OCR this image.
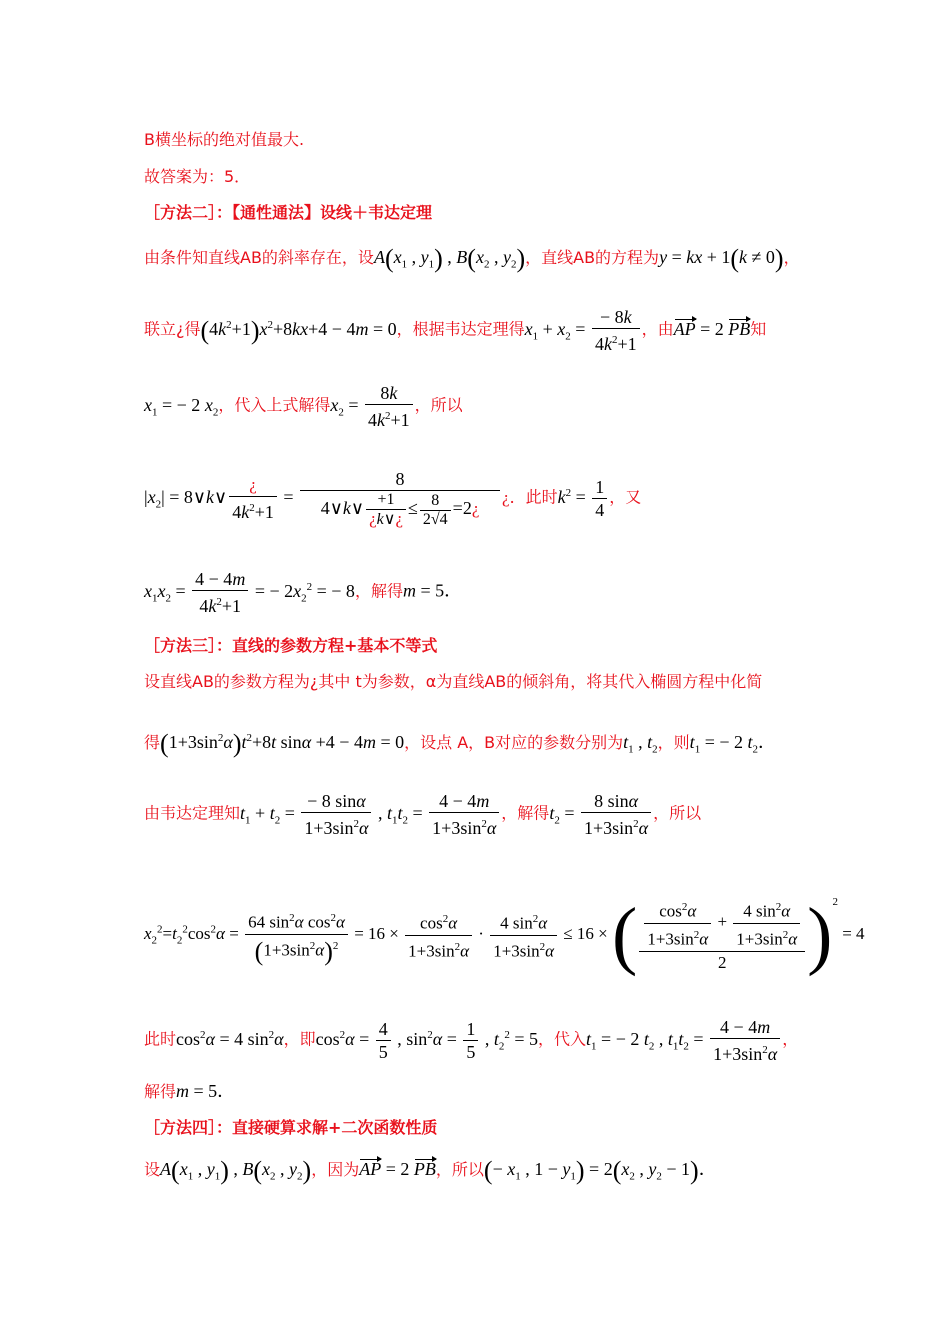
B横坐标的绝对值最大.
故答案为：5．
［方法二］：【通性通法】设线＋韦达定理
由条件知直线AB的斜率存在，设$A(x_1$ , $y_1$) , $B(x_2$ , $y_2$)，直线AB的方程为y = kx + 1(k ≠ 0)，
联立¿得$(4k^2+1)x^2+8kx+4 - 4m = 0$，根据韦达定理得$x_1 + x_2 = \frac{- 8k}{4k^2+1}$ ，由AP = 2 PB知
$x_1$ = − 2 $x_2$，代入上式解得$x_2 = \frac{8k}{4k^2+1}$ ，所以
$|x_2|$ = 8∨k∨ $\frac{¿}{4k^2+1} = \frac{8}{4\vee k\vee \frac{+1}{¿k\vee¿} \le \frac{8}{2√4} =2¿}$ ¿．此时$k^2 = \frac{1}{4}$ ，又
$x_1x_2 = \frac{4 - 4m}{4k^2+1}$ = − $2x_2^2$ = − 8，解得m = 5．
［方法三］：直线的参数方程+基本不等式
设直线AB的参数方程为¿其中 t为参数，α为直线AB的倾斜角，将其代入椭圆方程中化简
得$(1+3\sin^2\alpha)t^2+8t$ sinα +4 − 4m = 0，设点 A，B对应的参数分别为$t_1$ , $t_2$，则$t_1$ = − 2 $t_2$．
由韦达定理知$t_1 + t_2 = \frac{- 8 \sin\alpha}{1+3\sin^2\alpha}$ , $t_1t_2 = \frac{4 - 4m}{1+3\sin^2\alpha}$ ，解得$t_2 = \frac{8 \sin\alpha}{1+3\sin^2\alpha}$ ，所以
$x_2^2=t_2^2\cos^2\alpha = \frac{64 \sin^2\alpha \cos^2\alpha}{(1+3\sin^2\alpha)^2} = 16 \times \frac{\cos^2\alpha}{1+3\sin^2\alpha} \cdot \frac{4 \sin^2\alpha}{1+3\sin^2\alpha} \le 16$ × ( $\frac{\frac{\cos^2\alpha}{1+3\sin^2\alpha} + \frac{4 \sin^2\alpha}{1+3\sin^2\alpha}}{2} )^2 = 4$
此时$\cos^2\alpha = 4$ $\sin^2\alpha$，即$\cos^2\alpha = \frac{4}{5}$ , $\sin^2\alpha = \frac{1}{5}$ , $t_2^2 = 5$，代入$t_1$ = − 2 $t_2$ , $t_1t_2 = \frac{4 - 4m}{1+3\sin^2\alpha}$ ，
解得m = 5．
［方法四］：直接硬算求解+二次函数性质
设$A(x_1$ , $y_1$) , $B(x_2$ , $y_2$)，因为AP = 2 PB，所以(− $x_1$ , $1 - y_1) = 2(x_2$ , $y_2 - 1$)．
